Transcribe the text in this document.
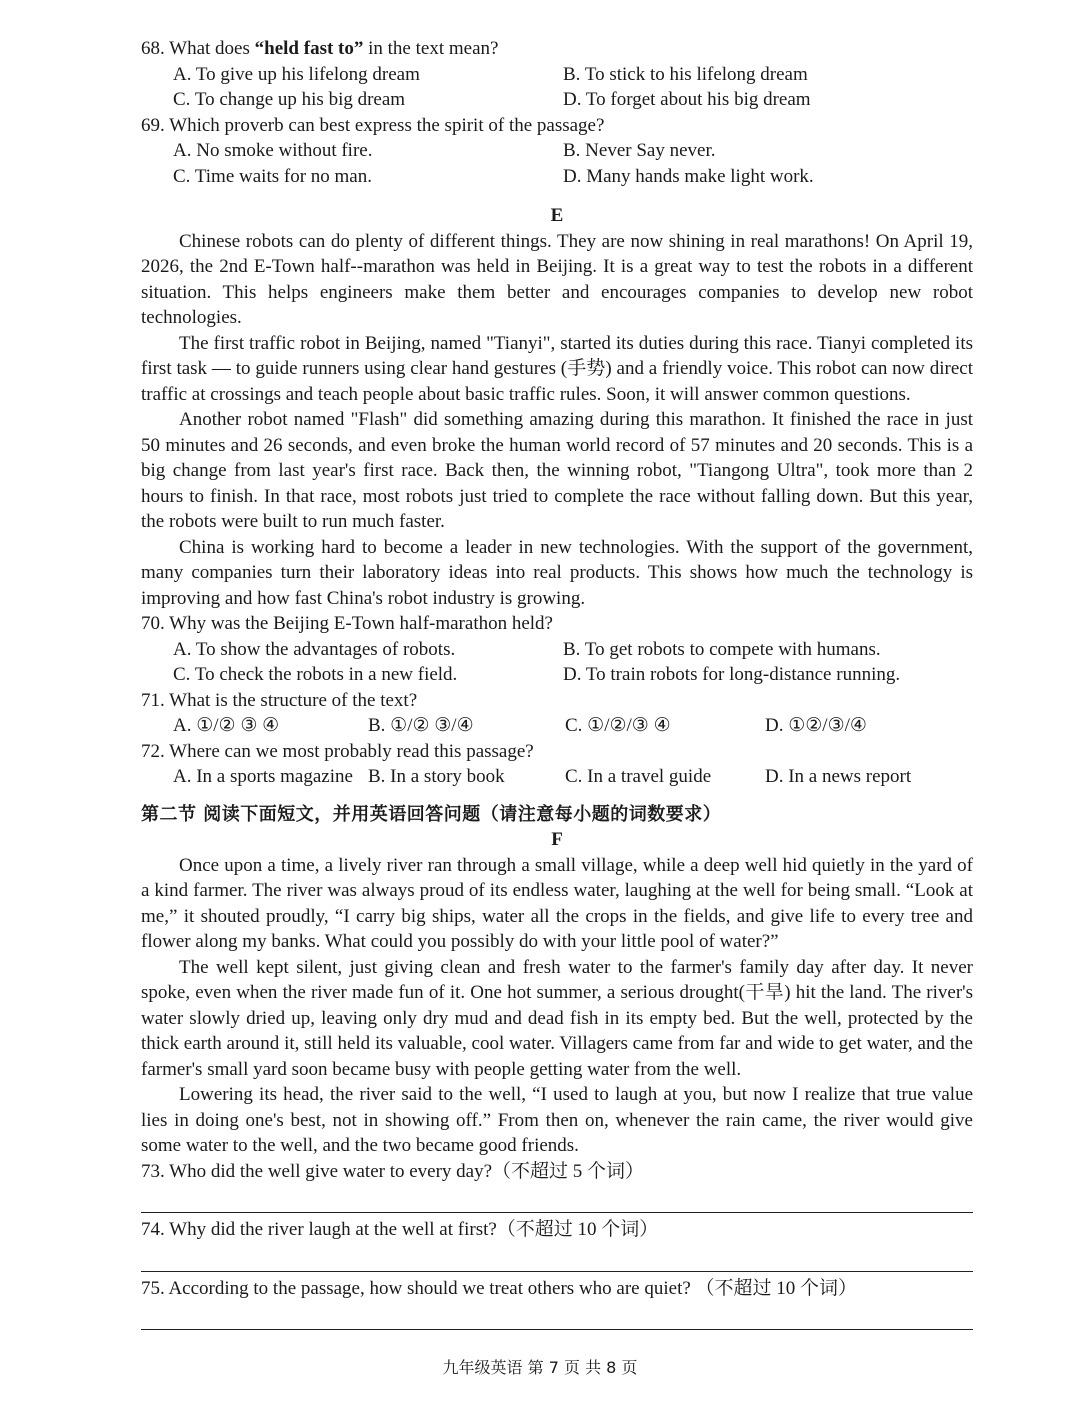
68. What does “held fast to” in the text mean?

A. To give up his lifelong dream	B. To stick to his lifelong dream
C. To change up his big dream	D. To forget about his big dream

69. Which proverb can best express the spirit of the passage?

A. No smoke without fire.	B. Never Say never.
C. Time waits for no man.	D. Many hands make light work.
E

Chinese robots can do plenty of different things. They are now shining in real marathons! On April 19, 2026, the 2nd E-Town half--marathon was held in Beijing. It is a great way to test the robots in a different situation. This helps engineers make them better and encourages companies to develop new robot technologies.

The first traffic robot in Beijing, named "Tianyi", started its duties during this race. Tianyi completed its first task — to guide runners using clear hand gestures (手势) and a friendly voice. This robot can now direct traffic at crossings and teach people about basic traffic rules. Soon, it will answer common questions.

Another robot named "Flash" did something amazing during this marathon. It finished the race in just 50 minutes and 26 seconds, and even broke the human world record of 57 minutes and 20 seconds. This is a big change from last year's first race. Back then, the winning robot, "Tiangong Ultra", took more than 2 hours to finish. In that race, most robots just tried to complete the race without falling down. But this year, the robots were built to run much faster.

China is working hard to become a leader in new technologies. With the support of the government, many companies turn their laboratory ideas into real products. This shows how much the technology is improving and how fast China's robot industry is growing.

70. Why was the Beijing E-Town half-marathon held?

A. To show the advantages of robots.	B. To get robots to compete with humans.
C. To check the robots in a new field.	D. To train robots for long-distance running.

71. What is the structure of the text?

A. ①/② ③ ④	B. ①/② ③/④	C. ①/②/③ ④	D. ①②/③/④

72. Where can we most probably read this passage?

A. In a sports magazine B. In a story book	C. In a travel guide	D. In a news report
第二节 阅读下面短文，并用英语回答问题（请注意每小题的词数要求）
F

Once upon a time, a lively river ran through a small village, while a deep well hid quietly in the yard of a kind farmer. The river was always proud of its endless water, laughing at the well for being small. “Look at me,” it shouted proudly, “I carry big ships, water all the crops in the fields, and give life to every tree and flower along my banks. What could you possibly do with your little pool of water?”

The well kept silent, just giving clean and fresh water to the farmer's family day after day. It never spoke, even when the river made fun of it. One hot summer, a serious drought(干旱) hit the land. The river's water slowly dried up, leaving only dry mud and dead fish in its empty bed. But the well, protected by the thick earth around it, still held its valuable, cool water. Villagers came from far and wide to get water, and the farmer's small yard soon became busy with people getting water from the well.

Lowering its head, the river said to the well, “I used to laugh at you, but now I realize that true value lies in doing one's best, not in showing off.” From then on, whenever the rain came, the river would give some water to the well, and the two became good friends.

73. Who did the well give water to every day?（不超过 5 个词）

74. Why did the river laugh at the well at first?（不超过 10 个词）

75. According to the passage, how should we treat others who are quiet? （不超过 10 个词）

九年级英语 第 7 页 共 8 页
